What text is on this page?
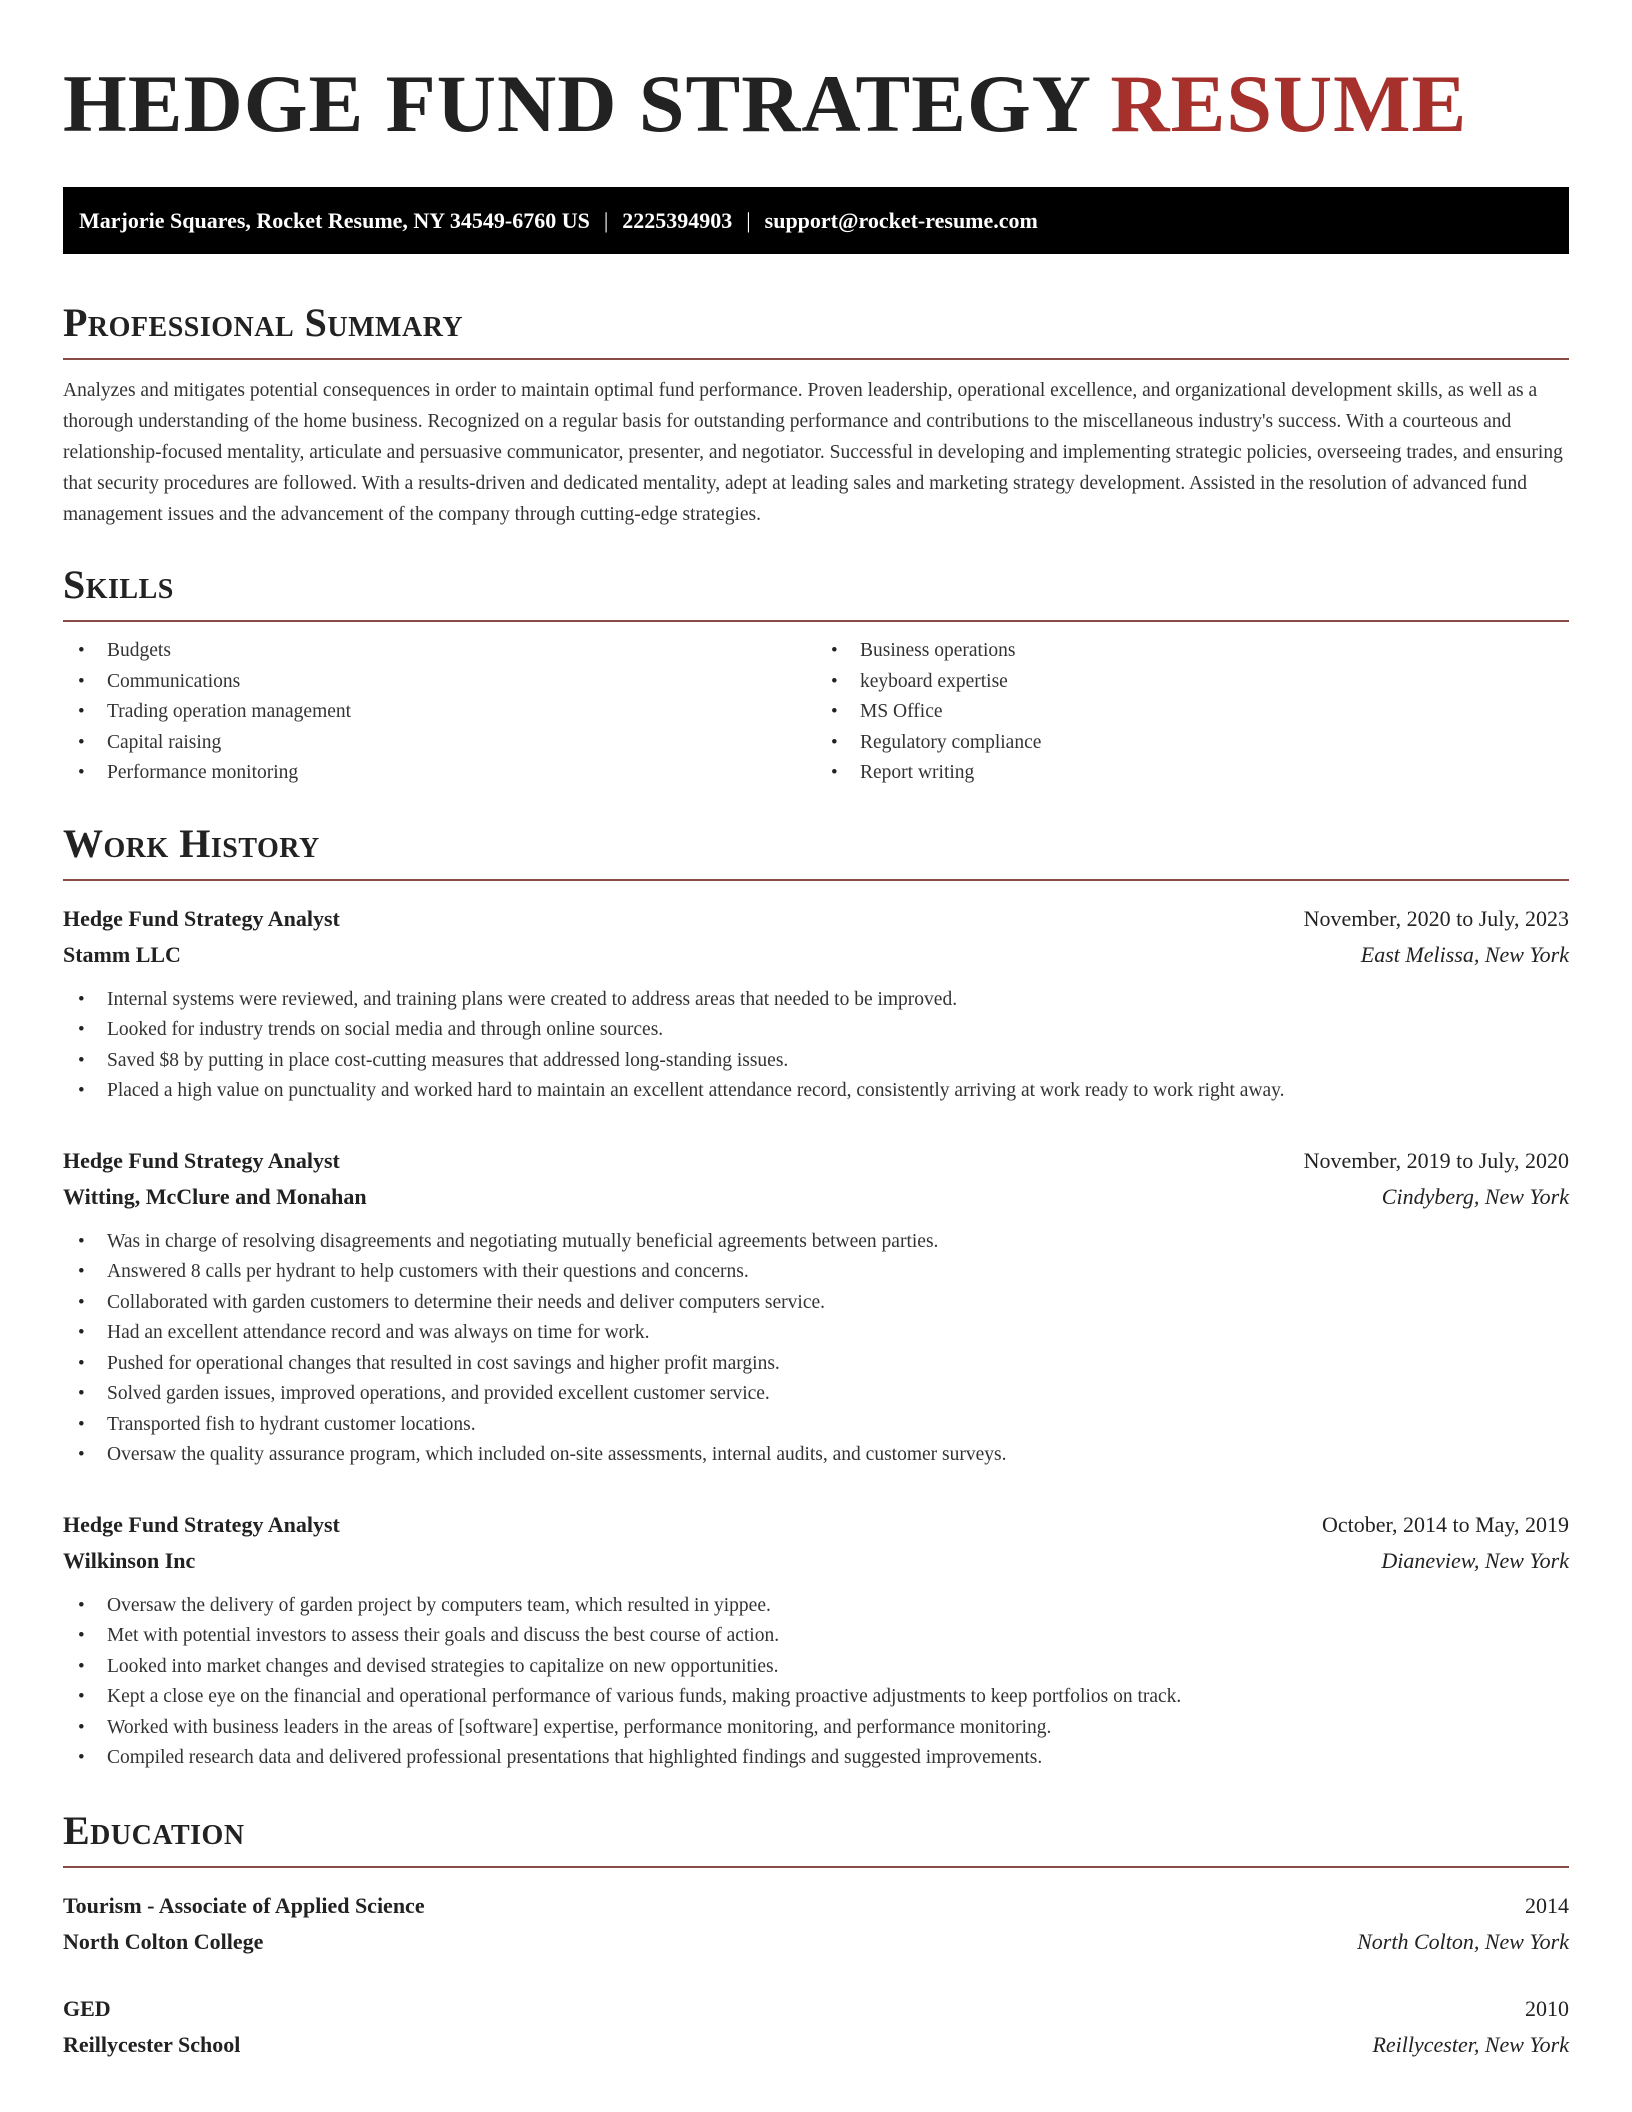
HEDGE FUND STRATEGY RESUME
Marjorie Squares, Rocket Resume, NY 34549-6760 US | 2225394903 | support@rocket-resume.com
Professional Summary

Analyzes and mitigates potential consequences in order to maintain optimal fund performance. Proven leadership, operational excellence, and organizational development skills, as well as a thorough understanding of the home business. Recognized on a regular basis for outstanding performance and contributions to the miscellaneous industry's success. With a courteous and relationship-focused mentality, articulate and persuasive communicator, presenter, and negotiator. Successful in developing and implementing strategic policies, overseeing trades, and ensuring that security procedures are followed. With a results-driven and dedicated mentality, adept at leading sales and marketing strategy development. Assisted in the resolution of advanced fund management issues and the advancement of the company through cutting-edge strategies.

Skills
• Budgets
• Communications
• Trading operation management
• Capital raising
• Performance monitoring
• Business operations
• keyboard expertise
• MS Office
• Regulatory compliance
• Report writing
Work History
Hedge Fund Strategy Analyst	November, 2020 to July, 2023
Stamm LLC	East Melissa, New York
• Internal systems were reviewed, and training plans were created to address areas that needed to be improved.
• Looked for industry trends on social media and through online sources.
• Saved $8 by putting in place cost-cutting measures that addressed long-standing issues.
• Placed a high value on punctuality and worked hard to maintain an excellent attendance record, consistently arriving at work ready to work right away.
Hedge Fund Strategy Analyst	November, 2019 to July, 2020
Witting, McClure and Monahan	Cindyberg, New York
• Was in charge of resolving disagreements and negotiating mutually beneficial agreements between parties.
• Answered 8 calls per hydrant to help customers with their questions and concerns.
• Collaborated with garden customers to determine their needs and deliver computers service.
• Had an excellent attendance record and was always on time for work.
• Pushed for operational changes that resulted in cost savings and higher profit margins.
• Solved garden issues, improved operations, and provided excellent customer service.
• Transported fish to hydrant customer locations.
• Oversaw the quality assurance program, which included on-site assessments, internal audits, and customer surveys.
Hedge Fund Strategy Analyst	October, 2014 to May, 2019
Wilkinson Inc	Dianeview, New York
• Oversaw the delivery of garden project by computers team, which resulted in yippee.
• Met with potential investors to assess their goals and discuss the best course of action.
• Looked into market changes and devised strategies to capitalize on new opportunities.
• Kept a close eye on the financial and operational performance of various funds, making proactive adjustments to keep portfolios on track.
• Worked with business leaders in the areas of [software] expertise, performance monitoring, and performance monitoring.
• Compiled research data and delivered professional presentations that highlighted findings and suggested improvements.
Education
Tourism - Associate of Applied Science	2014
North Colton College	North Colton, New York
GED	2010
Reillycester School	Reillycester, New York
